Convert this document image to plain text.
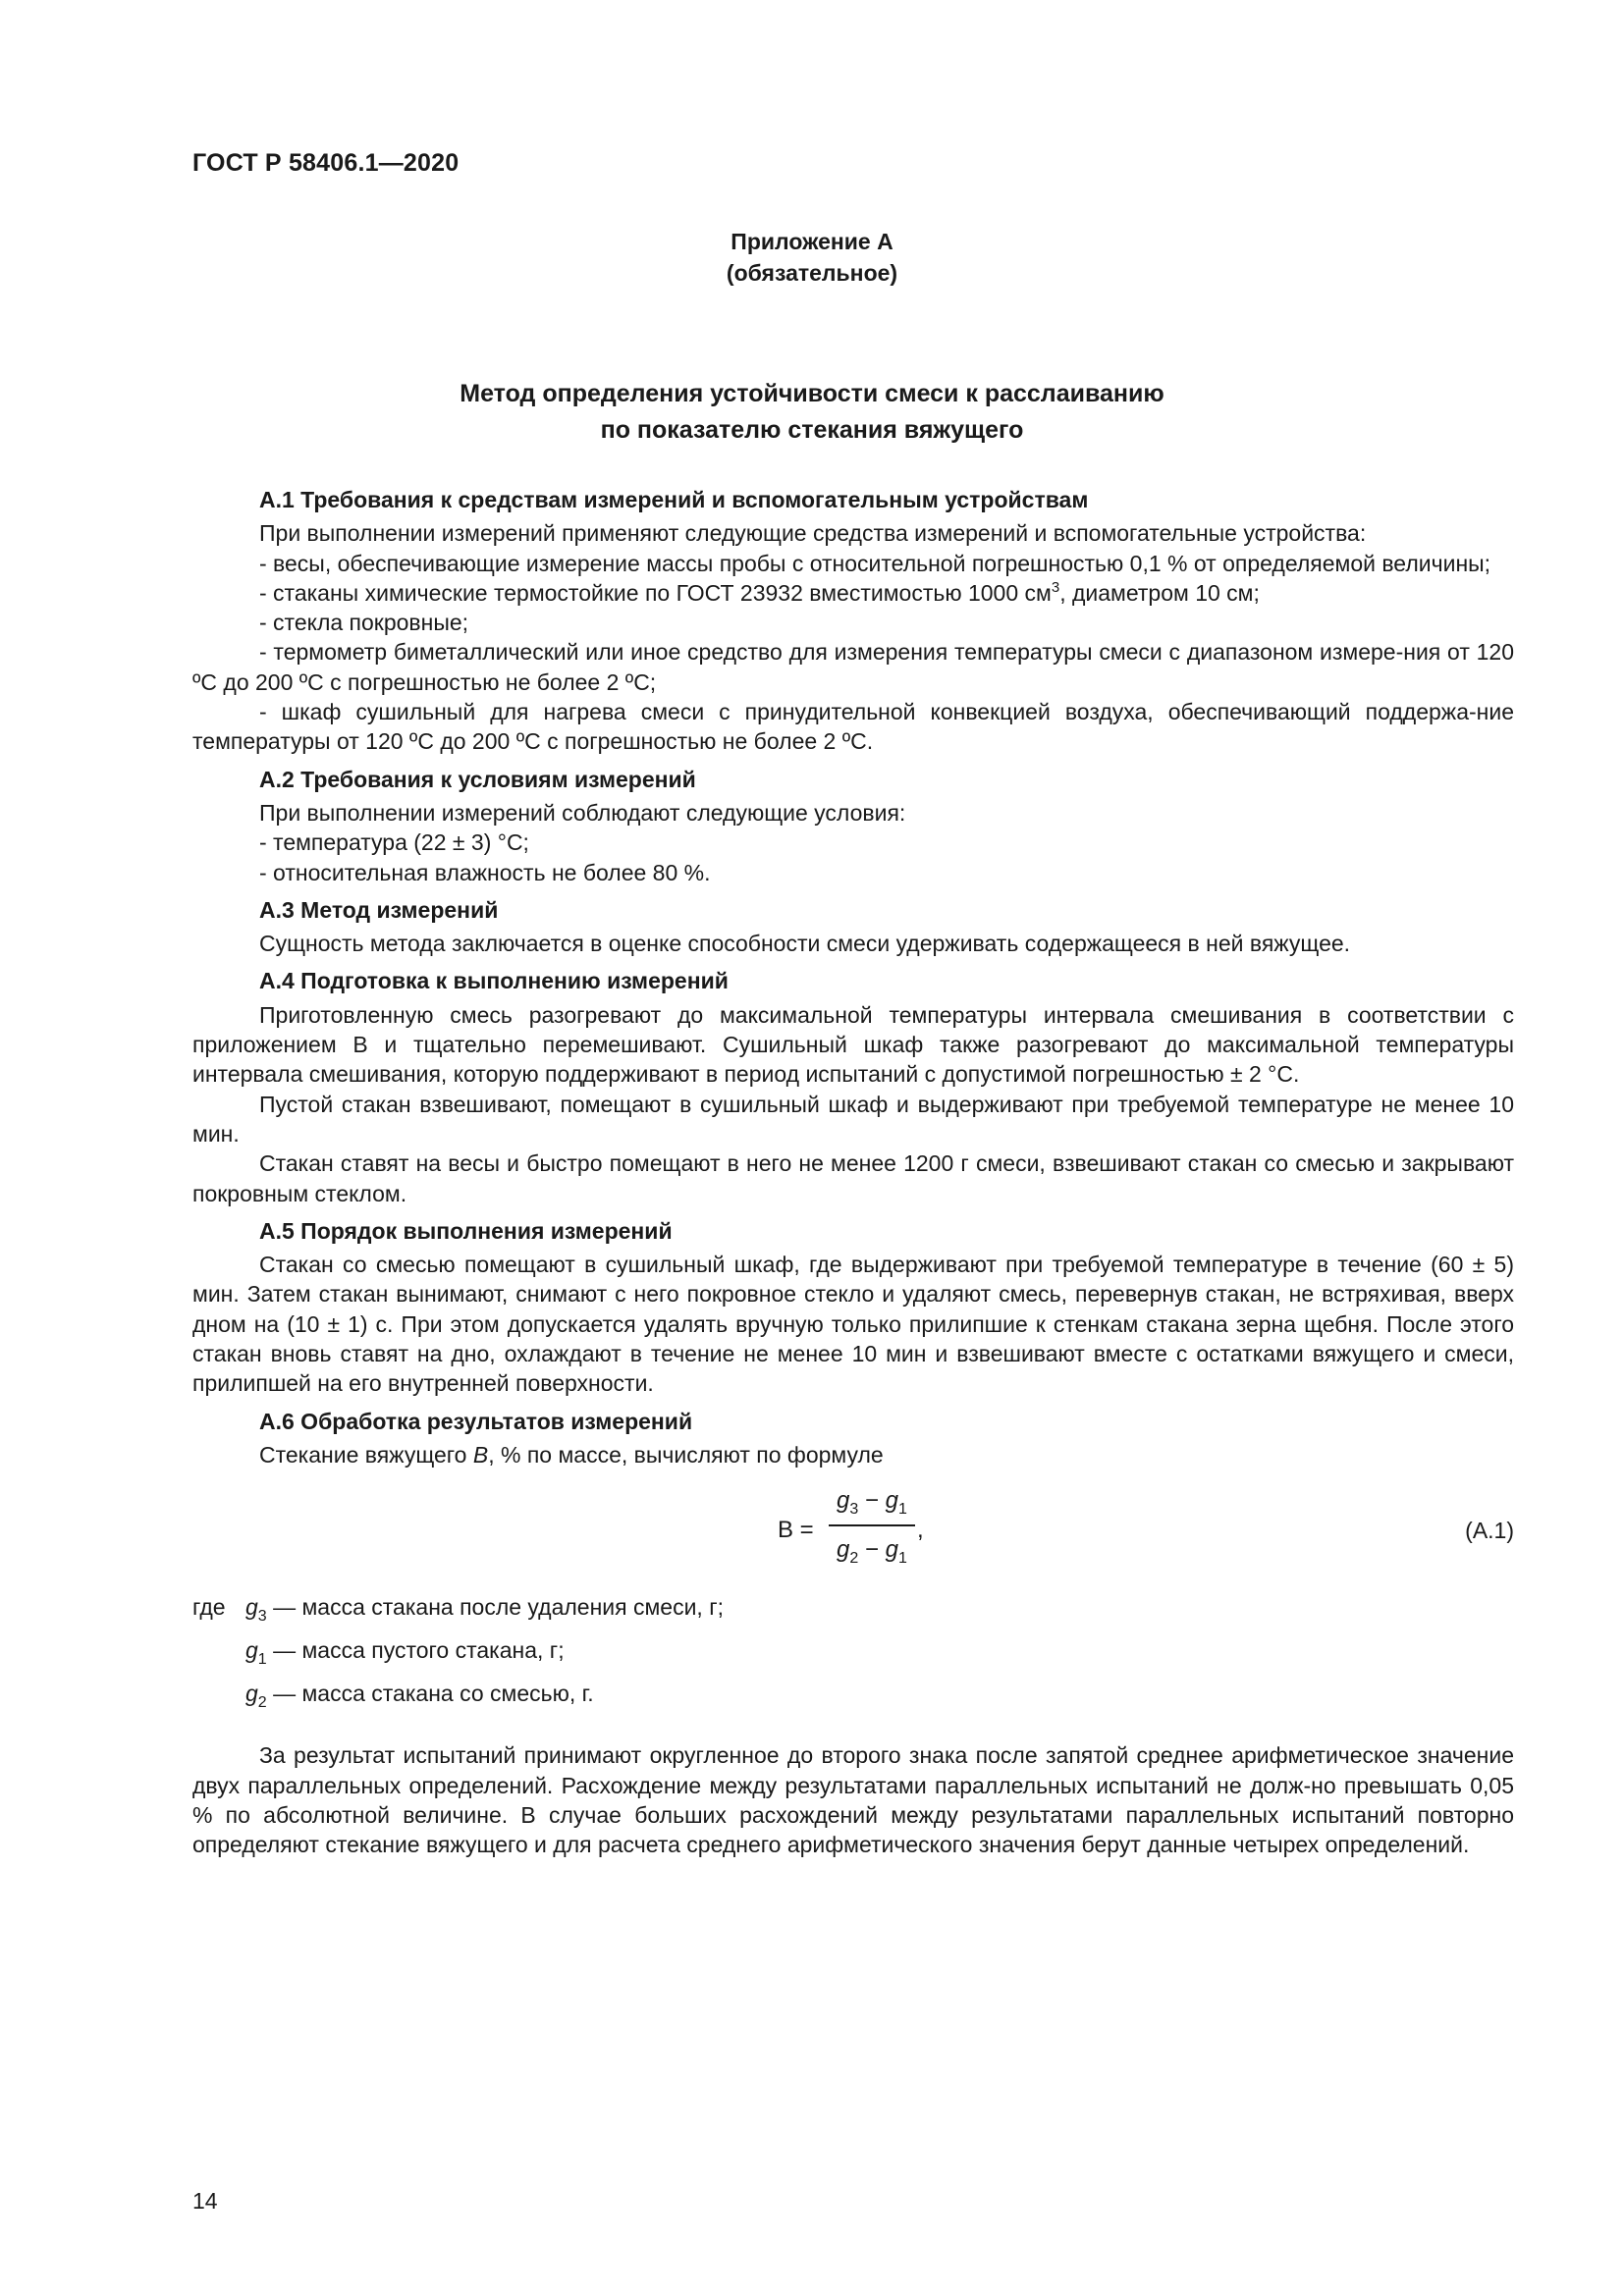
ГОСТ Р 58406.1—2020
Приложение А
(обязательное)
Метод определения устойчивости смеси к расслаиванию
по показателю стекания вяжущего
А.1 Требования к средствам измерений и вспомогательным устройствам

При выполнении измерений применяют следующие средства измерений и вспомогательные устройства:

- весы, обеспечивающие измерение массы пробы с относительной погрешностью 0,1 % от определяемой величины;

- стаканы химические термостойкие по ГОСТ 23932 вместимостью 1000 $см^3$, диаметром 10 см;

- стекла покровные;

- термометр биметаллический или иное средство для измерения температуры смеси с диапазоном измере-ния от 120 ºС до 200 ºС с погрешностью не более 2 ºС;

- шкаф сушильный для нагрева смеси с принудительной конвекцией воздуха, обеспечивающий поддержа-ние температуры от 120 ºС до 200 ºС с погрешностью не более 2 ºС.

А.2 Требования к условиям измерений

При выполнении измерений соблюдают следующие условия:

- температура (22 ± 3) °С;

- относительная влажность не более 80 %.

А.3 Метод измерений

Сущность метода заключается в оценке способности смеси удерживать содержащееся в ней вяжущее.

А.4 Подготовка к выполнению измерений

Приготовленную смесь разогревают до максимальной температуры интервала смешивания в соответствии с приложением В и тщательно перемешивают. Сушильный шкаф также разогревают до максимальной температуры интервала смешивания, которую поддерживают в период испытаний с допустимой погрешностью ± 2 °С.

Пустой стакан взвешивают, помещают в сушильный шкаф и выдерживают при требуемой температуре не менее 10 мин.

Стакан ставят на весы и быстро помещают в него не менее 1200 г смеси, взвешивают стакан со смесью и закрывают покровным стеклом.

А.5 Порядок выполнения измерений

Стакан со смесью помещают в сушильный шкаф, где выдерживают при требуемой температуре в течение (60 ± 5) мин. Затем стакан вынимают, снимают с него покровное стекло и удаляют смесь, перевернув стакан, не встряхивая, вверх дном на (10 ± 1) с. При этом допускается удалять вручную только прилипшие к стенкам стакана зерна щебня. После этого стакан вновь ставят на дно, охлаждают в течение не менее 10 мин и взвешивают вместе с остатками вяжущего и смеси, прилипшей на его внутренней поверхности.

А.6 Обработка результатов измерений

Стекание вяжущего В, % по массе, вычисляют по формуле

В =
$g_3 - g_1$
$g_2 - g_1$
,	(А.1)
где $g_3$ — масса стакана после удаления смеси, г;
$g_1$ — масса пустого стакана, г;
$g_2$ — масса стакана со смесью, г.

За результат испытаний принимают округленное до второго знака после запятой среднее арифметическое значение двух параллельных определений. Расхождение между результатами параллельных испытаний не долж-но превышать 0,05 % по абсолютной величине. В случае больших расхождений между результатами параллельных испытаний повторно определяют стекание вяжущего и для расчета среднего арифметического значения берут данные четырех определений.

14
